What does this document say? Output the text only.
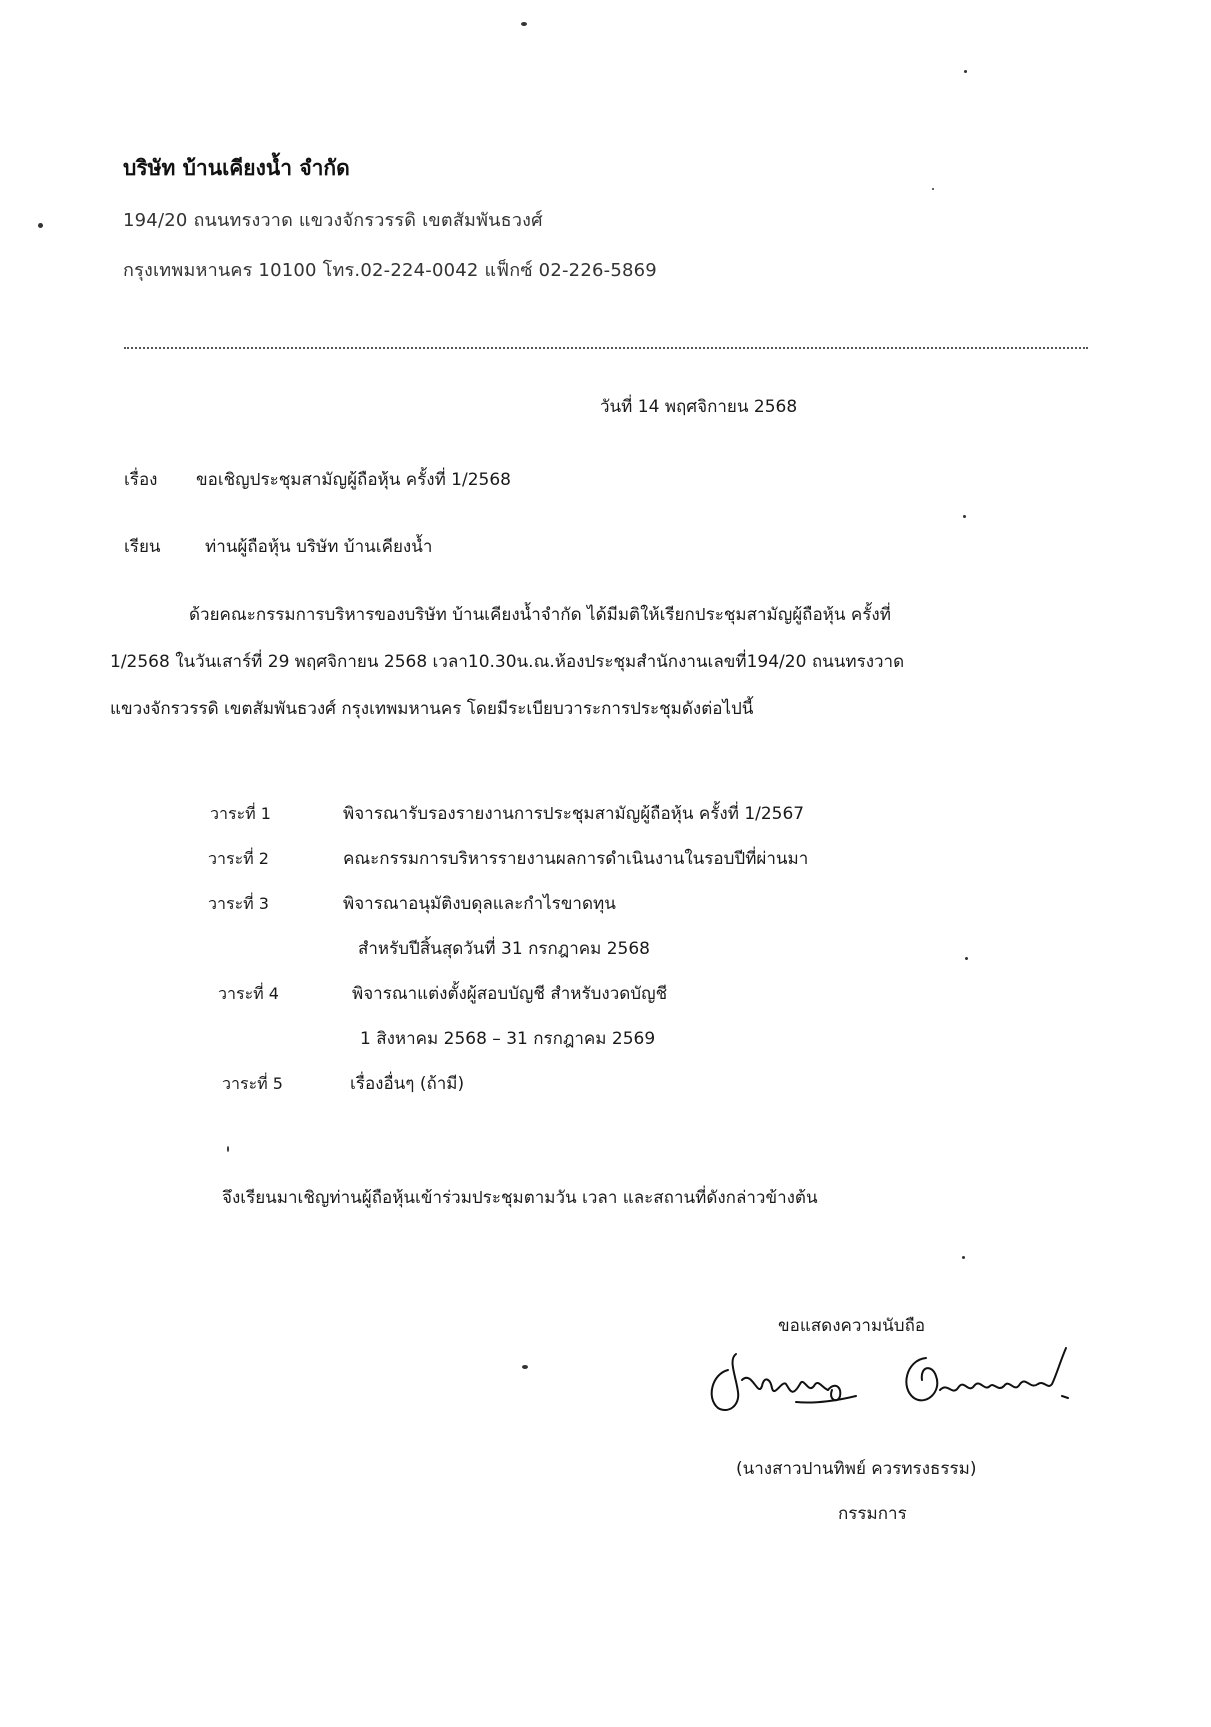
บริษัท บ้านเคียงน้ำ จำกัด
194/20 ถนนทรงวาด แขวงจักรวรรดิ เขตสัมพันธวงศ์
กรุงเทพมหานคร 10100 โทร.02-224-0042 แฟ็กซ์ 02-226-5869
วันที่ 14 พฤศจิกายน 2568
เรื่อง ขอเชิญประชุมสามัญผู้ถือหุ้น ครั้งที่ 1/2568
เรียน	ท่านผู้ถือหุ้น บริษัท บ้านเคียงน้ำ
ด้วยคณะกรรมการบริหารของบริษัท บ้านเคียงน้ำจำกัด ได้มีมติให้เรียกประชุมสามัญผู้ถือหุ้น ครั้งที่
1/2568 ในวันเสาร์ที่ 29 พฤศจิกายน 2568 เวลา10.30น.ณ.ห้องประชุมสำนักงานเลขที่194/20 ถนนทรงวาด
แขวงจักรวรรดิ เขตสัมพันธวงศ์ กรุงเทพมหานคร โดยมีระเบียบวาระการประชุมดังต่อไปนี้
วาระที่ 1	พิจารณารับรองรายงานการประชุมสามัญผู้ถือหุ้น ครั้งที่ 1/2567
วาระที่ 2	คณะกรรมการบริหารรายงานผลการดำเนินงานในรอบปีที่ผ่านมา
วาระที่ 3	พิจารณาอนุมัติงบดุลและกำไรขาดทุน
สำหรับปีสิ้นสุดวันที่ 31 กรกฎาคม 2568
วาระที่ 4	พิจารณาแต่งตั้งผู้สอบบัญชี สำหรับงวดบัญชี
1 สิงหาคม 2568 – 31 กรกฎาคม 2569
วาระที่ 5	เรื่องอื่นๆ (ถ้ามี)
จึงเรียนมาเชิญท่านผู้ถือหุ้นเข้าร่วมประชุมตามวัน เวลา และสถานที่ดังกล่าวข้างต้น
ขอแสดงความนับถือ
(นางสาวปานทิพย์ ควรทรงธรรม)
กรรมการ
